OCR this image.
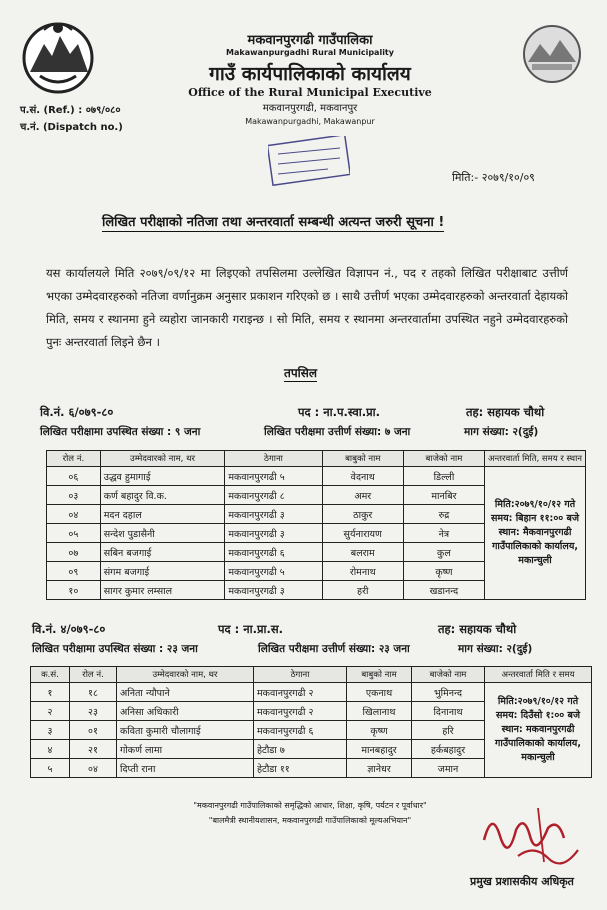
मकवानपुरगढी गाउँपालिका
Makawanpurgadhi Rural Municipality
गाउँ कार्यपालिकाको कार्यालय
Office of the Rural Municipal Executive
मकवानपुरगढी, मकवानपुर
Makawanpurgadhi, Makawanpur
प.सं. (Ref.) : ०७९/०८०
च.नं. (Dispatch no.)
मिति:- २०७९/१०/०९
लिखित परीक्षाको नतिजा तथा अन्तरवार्ता सम्बन्धी अत्यन्त जरुरी सूचना !
यस कार्यालयले मिति २०७९/०९/१२ मा लिइएको तपसिलमा उल्लेखित विज्ञापन नं., पद र तहको लिखित परीक्षाबाट उत्तीर्ण भएका उम्मेदवारहरुको नतिजा वर्णानुक्रम अनुसार प्रकाशन गरिएको छ । साथै उत्तीर्ण भएका उम्मेदवारहरुको अन्तरवार्ता देहायको मिति, समय र स्थानमा हुने व्यहोरा जानकारी गराइन्छ । सो मिति, समय र स्थानमा अन्तरवार्तामा उपस्थित नहुने उम्मेदवारहरुको पुनः अन्तरवार्ता लिइने छैन ।
तपसिल
वि.नं. ६/०७९-८०	पद : ना.प.स्वा.प्रा.	तह: सहायक चौथो
लिखित परीक्षामा उपस्थित संख्या : ९ जना	लिखित परीक्षमा उत्तीर्ण संख्या: ७ जना	माग संख्या: २(दुई)
रोल नं.	उम्मेदवारको नाम, थर	ठेगाना	बाबुको नाम	बाजेको नाम	अन्तरवार्ता मिति, समय र स्थान
०६	उद्धव हुमागाई	मकवानपुरगढी ५	वेदनाथ	डिल्ली	मिति:२०७९/१०/१२ गते समय: बिहान ११:०० बजे स्थान: मैकवानपुरगढी गाउँपालिकाको कार्यालय, मकान्चुली
०३	कर्ण बहादुर वि.क.	मकवानपुरगढी ८	अमर	मानबिर	
०४	मदन दहाल	मकवानपुरगढी ३	ठाकुर	रुद्र	
०५	सन्देश पुडासैनी	मकवानपुरगढी ३	सुर्यनारायण	नेत्र	
०७	सबिन बजगाई	मकवानपुरगढी ६	बलराम	कुल	
०९	संगम बजगाई	मकवानपुरगढी ५	रोमनाथ	कृष्ण	
१०	सागर कुमार लम्साल	मकवानपुरगढी ३	हरी	खडानन्द	
वि.नं. ४/०७९-८०	पद : ना.प्रा.स.	तह: सहायक चौथो
लिखित परीक्षामा उपस्थित संख्या : २३ जना	लिखित परीक्षमा उत्तीर्ण संख्या: २३ जना	माग संख्या: २(दुई)
क.सं.	रोल नं.	उम्मेदवारको नाम, थर	ठेगाना	बाबुको नाम	बाजेको नाम	अन्तरवार्ता मिति र समय
१	१८	अनिता न्यौपाने	मकवानपुरगढी २	एकनाथ	भुमिनन्द	मिति:२०७९/१०/१२ गते समय: दिउँसो १:०० बजे स्थान: मकवानपुरगढी गाउँपालिकाको कार्यालय, मकान्चुली
२	२३	अनिसा अधिकारी	मकवानपुरगढी २	खिलानाथ	दिनानाथ	
३	०१	कविता कुमारी चौलागाई	मकवानपुरगढी ६	कृष्ण	हरि	
४	२१	गोकर्ण लामा	हेटौडा ७	मानबहादुर	हर्कबहादुर	
५	०४	दिप्ती राना	हेटौडा ११	ज्ञानेधर	जमान	
"मकवानपुरगढी गाउँपालिकाको समृद्धिको आधार, शिक्षा, कृषि, पर्यटन र पूर्वाधार"
"बालमैत्री स्थानीयशासन, मकवानपुरगढी गाउँपालिकाको मूल्यअभियान"
प्रमुख प्रशासकीय अधिकृत
